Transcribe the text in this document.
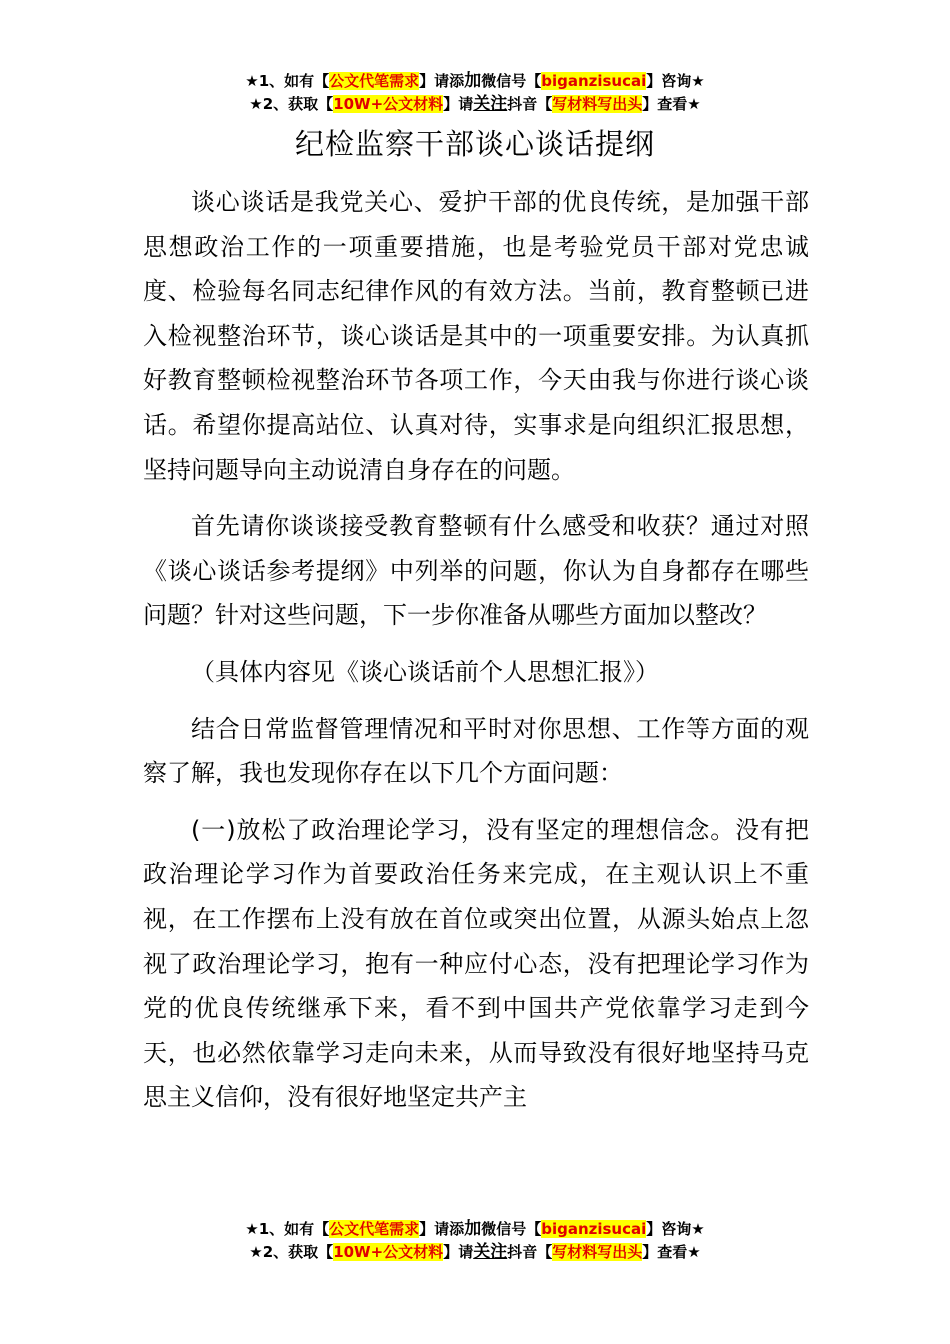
★1、如有【公文代笔需求】请添加微信号【biganzisucai】咨询★
★2、获取【10W+公文材料】请关注抖音【写材料写出头】查看★
纪检监察干部谈心谈话提纲

谈心谈话是我党关心、爱护干部的优良传统，是加强干部思想政治工作的一项重要措施，也是考验党员干部对党忠诚度、检验每名同志纪律作风的有效方法。当前，教育整顿已进入检视整治环节，谈心谈话是其中的一项重要安排。为认真抓好教育整顿检视整治环节各项工作，今天由我与你进行谈心谈话。希望你提高站位、认真对待，实事求是向组织汇报思想，坚持问题导向主动说清自身存在的问题。

首先请你谈谈接受教育整顿有什么感受和收获？通过对照《谈心谈话参考提纲》中列举的问题，你认为自身都存在哪些问题？针对这些问题，下一步你准备从哪些方面加以整改？

（具体内容见《谈心谈话前个人思想汇报》）

结合日常监督管理情况和平时对你思想、工作等方面的观察了解，我也发现你存在以下几个方面问题：

(一)放松了政治理论学习，没有坚定的理想信念。没有把政治理论学习作为首要政治任务来完成，在主观认识上不重视，在工作摆布上没有放在首位或突出位置，从源头始点上忽视了政治理论学习，抱有一种应付心态，没有把理论学习作为党的优良传统继承下来，看不到中国共产党依靠学习走到今天，也必然依靠学习走向未来，从而导致没有很好地坚持马克思主义信仰，没有很好地坚定共产主

★1、如有【公文代笔需求】请添加微信号【biganzisucai】咨询★
★2、获取【10W+公文材料】请关注抖音【写材料写出头】查看★
